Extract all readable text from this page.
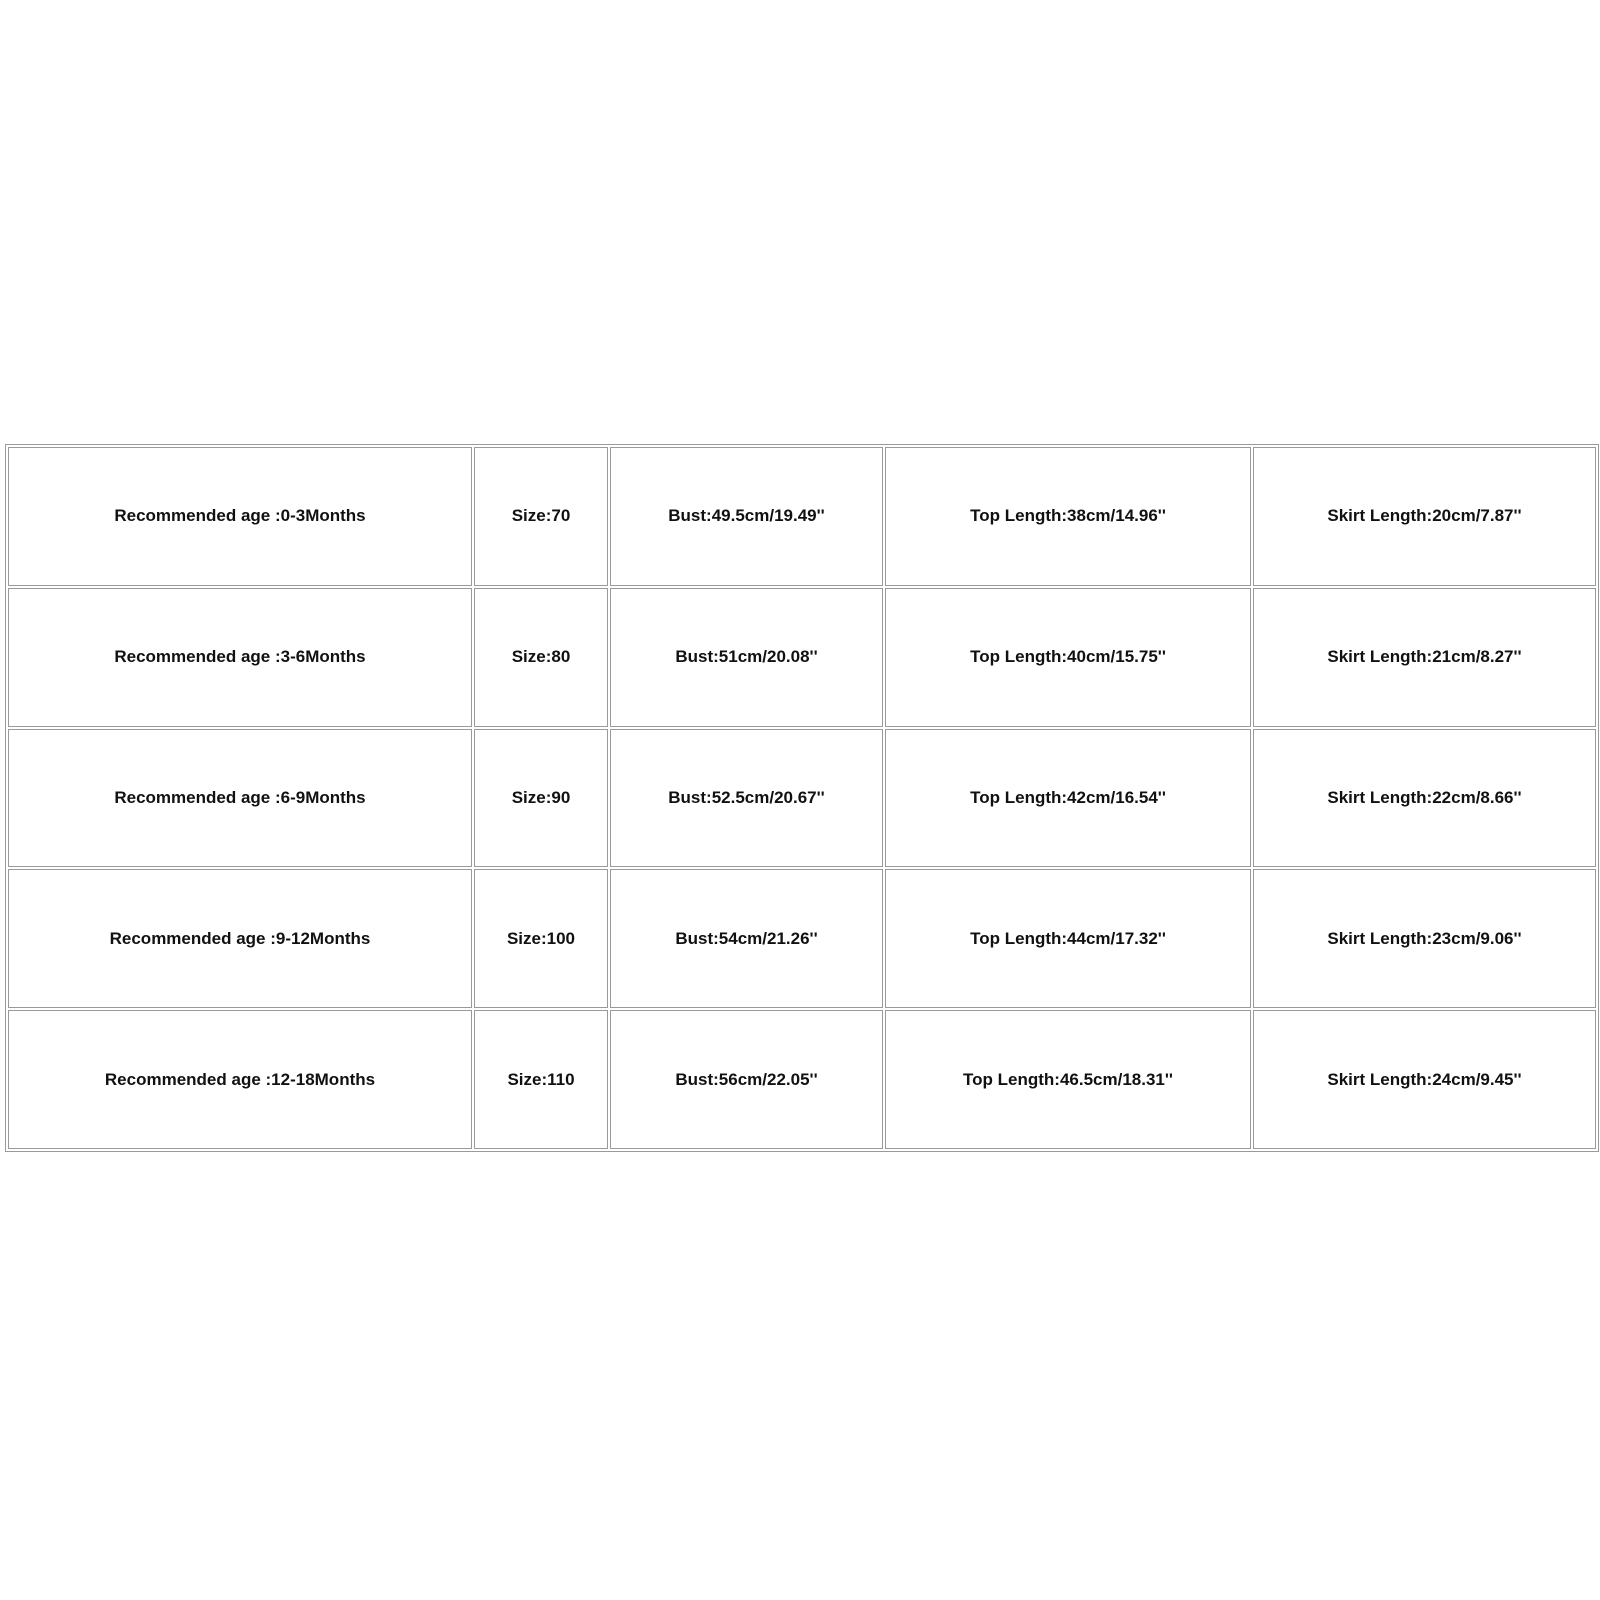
Recommended age :0-3Months	Size:70	Bust:49.5cm/19.49''	Top Length:38cm/14.96''	Skirt Length:20cm/7.87''
Recommended age :3-6Months	Size:80	Bust:51cm/20.08''	Top Length:40cm/15.75''	Skirt Length:21cm/8.27''
Recommended age :6-9Months	Size:90	Bust:52.5cm/20.67''	Top Length:42cm/16.54''	Skirt Length:22cm/8.66''
Recommended age :9-12Months	Size:100	Bust:54cm/21.26''	Top Length:44cm/17.32''	Skirt Length:23cm/9.06''
Recommended age :12-18Months	Size:110	Bust:56cm/22.05''	Top Length:46.5cm/18.31''	Skirt Length:24cm/9.45''
